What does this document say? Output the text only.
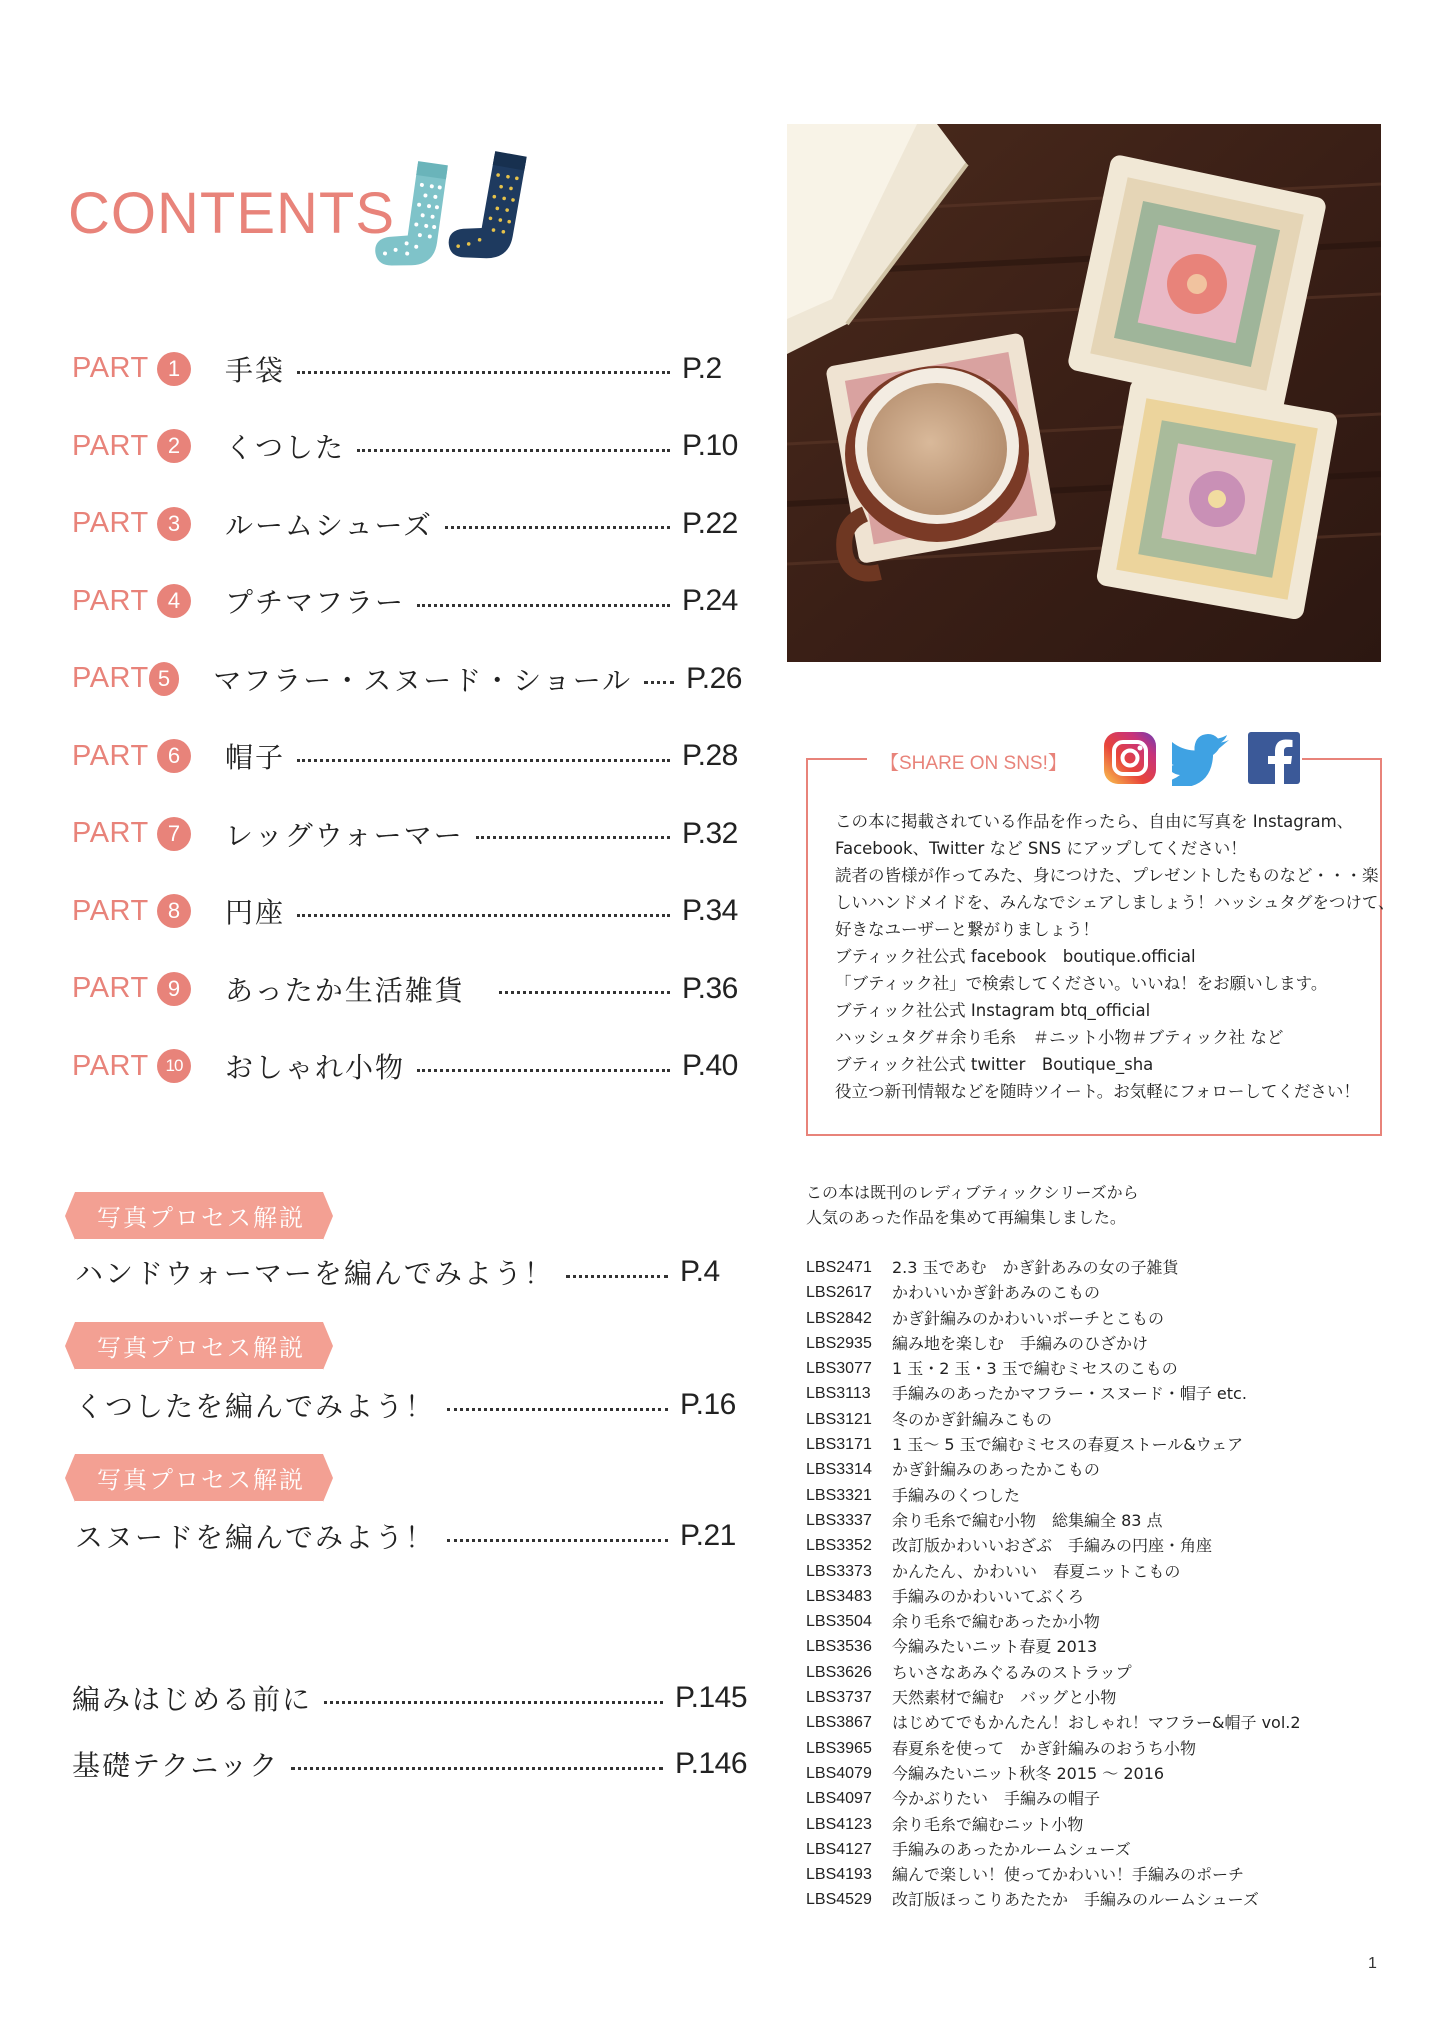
CONTENTS
PART 1	手袋	P.2
PART 2	くつした	P.10
PART 3	ルームシューズ	P.22
PART 4	プチマフラー	P.24
PART 5	マフラー・スヌード・ショール P.26
PART 6	帽子	P.28
PART 7	レッグウォーマー	P.32
PART 8	円座	P.34
PART 9	あったか生活雑貨	P.36
PART 10	おしゃれ小物	P.40
【SHARE ON SNS!】
この本に掲載されている作品を作ったら、自由に写真を Instagram、
Facebook、Twitter など SNS にアップしてください！
読者の皆様が作ってみた、身につけた、プレゼントしたものなど・・・楽
しいハンドメイドを、みんなでシェアしましょう！ハッシュタグをつけて、
好きなユーザーと繋がりましょう！
ブティック社公式 facebook　boutique.official
「ブティック社」で検索してください。いいね！をお願いします。
ブティック社公式 Instagram btq_official
ハッシュタグ＃余り毛糸　＃ニット小物＃ブティック社 など
ブティック社公式 twitter　Boutique_sha
役立つ新刊情報などを随時ツイート。お気軽にフォローしてください！
写真プロセス解説
ハンドウォーマーを編んでみよう！	P.4
写真プロセス解説
くつしたを編んでみよう！	P.16
写真プロセス解説
スヌードを編んでみよう！	P.21
編みはじめる前に	P.145
基礎テクニック	P.146
この本は既刊のレディブティックシリーズから
人気のあった作品を集めて再編集しました。
LBS2471	2.3 玉であむ　かぎ針あみの女の子雑貨
LBS2617	かわいいかぎ針あみのこもの
LBS2842	かぎ針編みのかわいいポーチとこもの
LBS2935	編み地を楽しむ　手編みのひざかけ
LBS3077	1 玉・2 玉・3 玉で編むミセスのこもの
LBS3113	手編みのあったかマフラー・スヌード・帽子 etc.
LBS3121	冬のかぎ針編みこもの
LBS3171	1 玉～ 5 玉で編むミセスの春夏ストール&ウェア
LBS3314	かぎ針編みのあったかこもの
LBS3321	手編みのくつした
LBS3337	余り毛糸で編む小物　総集編全 83 点
LBS3352	改訂版かわいいおざぶ　手編みの円座・角座
LBS3373	かんたん、かわいい　春夏ニットこもの
LBS3483	手編みのかわいいてぶくろ
LBS3504	余り毛糸で編むあったか小物
LBS3536	今編みたいニット春夏 2013
LBS3626	ちいさなあみぐるみのストラップ
LBS3737	天然素材で編む　バッグと小物
LBS3867	はじめてでもかんたん！おしゃれ！マフラー&帽子 vol.2
LBS3965	春夏糸を使って　かぎ針編みのおうち小物
LBS4079	今編みたいニット秋冬 2015 ～ 2016
LBS4097	今かぶりたい　手編みの帽子
LBS4123	余り毛糸で編むニット小物
LBS4127	手編みのあったかルームシューズ
LBS4193	編んで楽しい！使ってかわいい！手編みのポーチ
LBS4529	改訂版ほっこりあたたか　手編みのルームシューズ
1
